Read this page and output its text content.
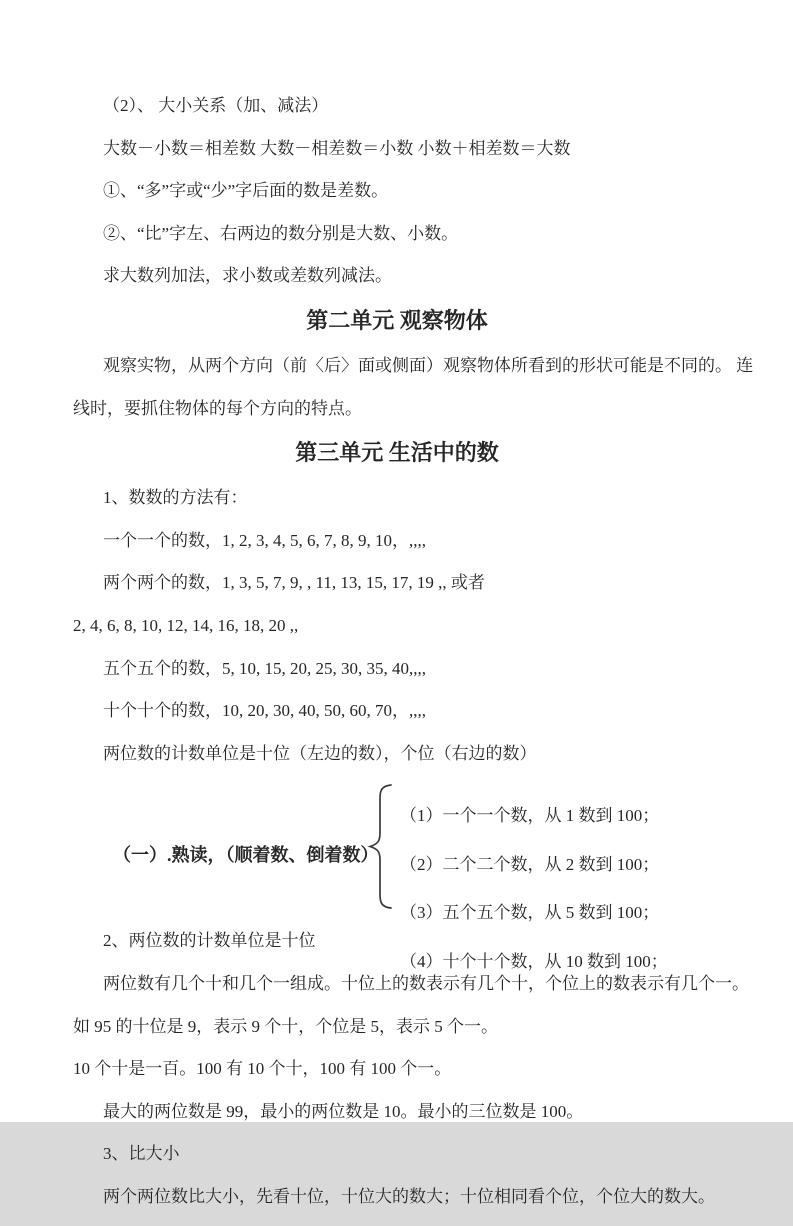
（2）、 大小关系（加、减法）

大数－小数＝相差数 大数－相差数＝小数 小数＋相差数＝大数

①、“多”字或“少”字后面的数是差数。

②、“比”字左、右两边的数分别是大数、小数。

求大数列加法，求小数或差数列减法。

第二单元 观察物体

观察实物，从两个方向（前〈后〉面或侧面）观察物体所看到的形状可能是不同的。 连

线时，要抓住物体的每个方向的特点。

第三单元 生活中的数

1、数数的方法有：

一个一个的数，1, 2, 3, 4, 5, 6, 7, 8, 9, 10，,,,,

两个两个的数，1, 3, 5, 7, 9, , 11, 13, 15, 17, 19 ,, 或者

2, 4, 6, 8, 10, 12, 14, 16, 18, 20 ,,

五个五个的数，5, 10, 15, 20, 25, 30, 35, 40,,,,

十个十个的数，10, 20, 30, 40, 50, 60, 70，,,,,

两位数的计数单位是十位（左边的数），个位（右边的数）

（一）.熟读，（顺着数、倒着数）

（1）一个一个数，从 1 数到 100；

（2）二个二个数，从 2 数到 100；

（3）五个五个数，从 5 数到 100；

（4）十个十个数，从 10 数到 100；

2、两位数的计数单位是十位

两位数有几个十和几个一组成。十位上的数表示有几个十，个位上的数表示有几个一。

如 95 的十位是 9，表示 9 个十，个位是 5，表示 5 个一。

10 个十是一百。100 有 10 个十，100 有 100 个一。

最大的两位数是 99，最小的两位数是 10。最小的三位数是 100。

3、比大小

两个两位数比大小，先看十位，十位大的数大；十位相同看个位，个位大的数大。
